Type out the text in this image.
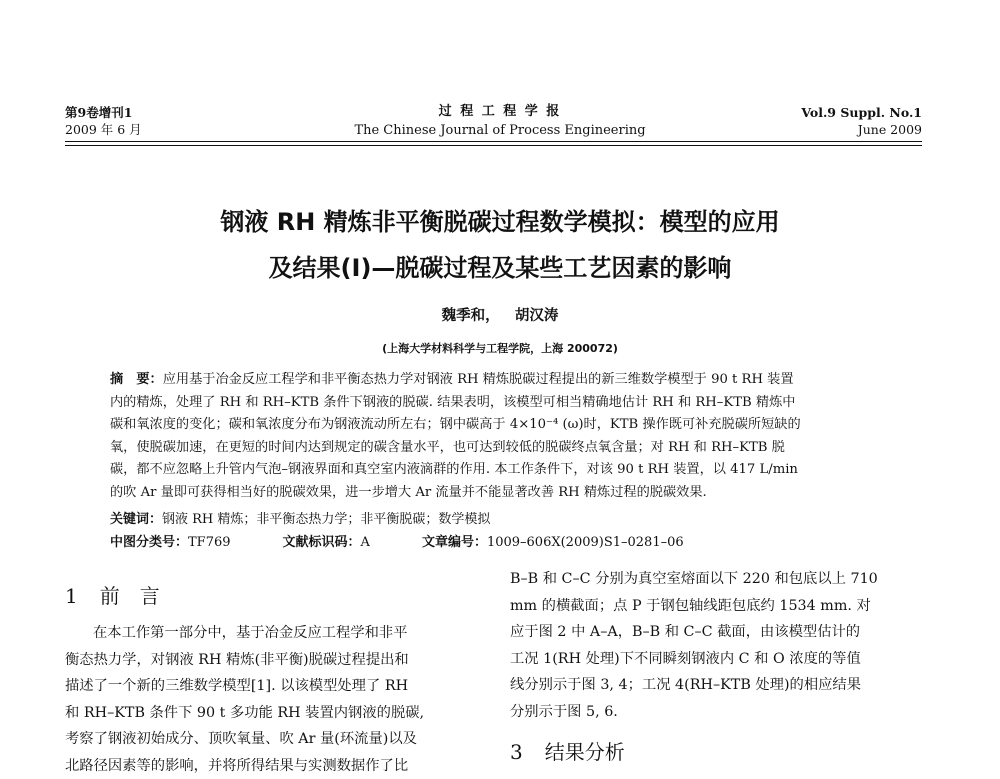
第9卷增刊1
2009 年 6 月
过 程 工 程 学 报
The Chinese Journal of Process Engineering
Vol.9 Suppl. No.1
June 2009
钢液 RH 精炼非平衡脱碳过程数学模拟：模型的应用
及结果(I)—脱碳过程及某些工艺因素的影响
魏季和，   胡汉涛
(上海大学材料科学与工程学院，上海 200072)
摘　要：应用基于冶金反应工程学和非平衡态热力学对钢液 RH 精炼脱碳过程提出的新三维数学模型于 90 t RH 装置
内的精炼，处理了 RH 和 RH–KTB 条件下钢液的脱碳. 结果表明，该模型可相当精确地估计 RH 和 RH–KTB 精炼中
碳和氧浓度的变化；碳和氧浓度分布为钢液流动所左右；钢中碳高于 4×10⁻⁴ (ω)时，KTB 操作既可补充脱碳所短缺的
氧，使脱碳加速，在更短的时间内达到规定的碳含量水平，也可达到较低的脱碳终点氧含量；对 RH 和 RH–KTB 脱
碳，都不应忽略上升管内气泡–钢液界面和真空室内液滴群的作用. 本工作条件下，对该 90 t RH 装置，以 417 L/min
的吹 Ar 量即可获得相当好的脱碳效果，进一步增大 Ar 流量并不能显著改善 RH 精炼过程的脱碳效果.
关键词：钢液 RH 精炼；非平衡态热力学；非平衡脱碳；数学模拟
中图分类号：TF769	文献标识码：A	文章编号：1009–606X(2009)S1–0281–06
1 前　言
在本工作第一部分中，基于冶金反应工程学和非平
衡态热力学，对钢液 RH 精炼(非平衡)脱碳过程提出和
描述了一个新的三维数学模型[1]. 以该模型处理了 RH
和 RH–KTB 条件下 90 t 多功能 RH 装置内钢液的脱碳,
考察了钢液初始成分、顶吹氧量、吹 Ar 量(环流量)以及
⁠北路径因素等的影响，并将所得结果与实测数据作了比
B–B 和 C–C 分别为真空室熔面以下 220 和包底以上 710
mm 的横截面；点 P 于钢包轴线距包底约 1534 mm. 对
应于图 2 中 A–A，B–B 和 C–C 截面，由该模型估计的
工况 1(RH 处理)下不同瞬刻钢液内 C 和 O 浓度的等值
线分别示于图 3, 4；工况 4(RH–KTB 处理)的相应结果
分别示于图 5, 6.
3 结果分析
